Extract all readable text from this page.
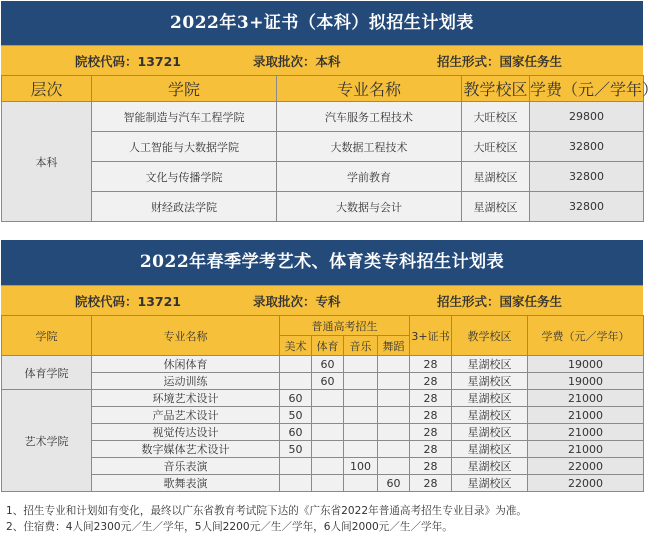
2022年3+证书（本科）拟招生计划表
院校代码：13721	录取批次：本科	招生形式：国家任务生
层次	学院	专业名称	教学校区	学费（元／学年）
本科	智能制造与汽车工程学院	汽车服务工程技术	大旺校区	29800
	人工智能与大数据学院	大数据工程技术	大旺校区	32800
	文化与传播学院	学前教育	星湖校区	32800
	财经政法学院	大数据与会计	星湖校区	32800
2022年春季学考艺术、体育类专科招生计划表
院校代码：13721	录取批次：专科	招生形式：国家任务生
学院	专业名称	普通高考招生				3+证书	教学校区	学费（元／学年）
		美术	体育	音乐	舞蹈			
体育学院	休闲体育		60			28	星湖校区	19000
	运动训练		60			28	星湖校区	19000
艺术学院	环境艺术设计	60				28	星湖校区	21000
	产品艺术设计	50				28	星湖校区	21000
	视觉传达设计	60				28	星湖校区	21000
	数字媒体艺术设计	50				28	星湖校区	21000
	音乐表演			100		28	星湖校区	22000
	歌舞表演				60	28	星湖校区	22000
1、招生专业和计划如有变化，最终以广东省教育考试院下达的《广东省2022年普通高考招生专业目录》为准。
2、住宿费：4人间2300元／生／学年，5人间2200元／生／学年，6人间2000元／生／学年。
